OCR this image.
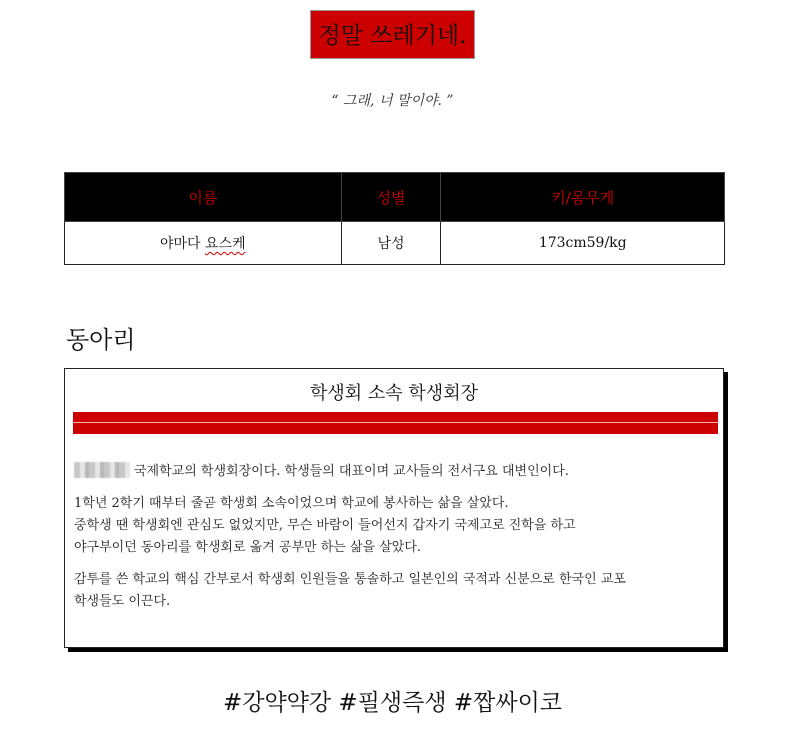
정말 쓰레기네.
“ 그래, 너 말이야. ”
이름	성별	키/몸무게
야마다 요스케	남성	173cm59/kg
동아리
학생회 소속 학생회장

국제학교의 학생회장이다. 학생들의 대표이며 교사들의 전서구요 대변인이다.

1학년 2학기 때부터 줄곧 학생회 소속이었으며 학교에 봉사하는 삶을 살았다.
중학생 땐 학생회엔 관심도 없었지만, 무슨 바람이 들어선지 갑자기 국제고로 진학을 하고
야구부이던 동아리를 학생회로 옮겨 공부만 하는 삶을 살았다.

감투를 쓴 학교의 핵심 간부로서 학생회 인원들을 통솔하고 일본인의 국적과 신분으로 한국인 교포
학생들도 이끈다.

#강약약강 #필생즉생 #짭싸이코
